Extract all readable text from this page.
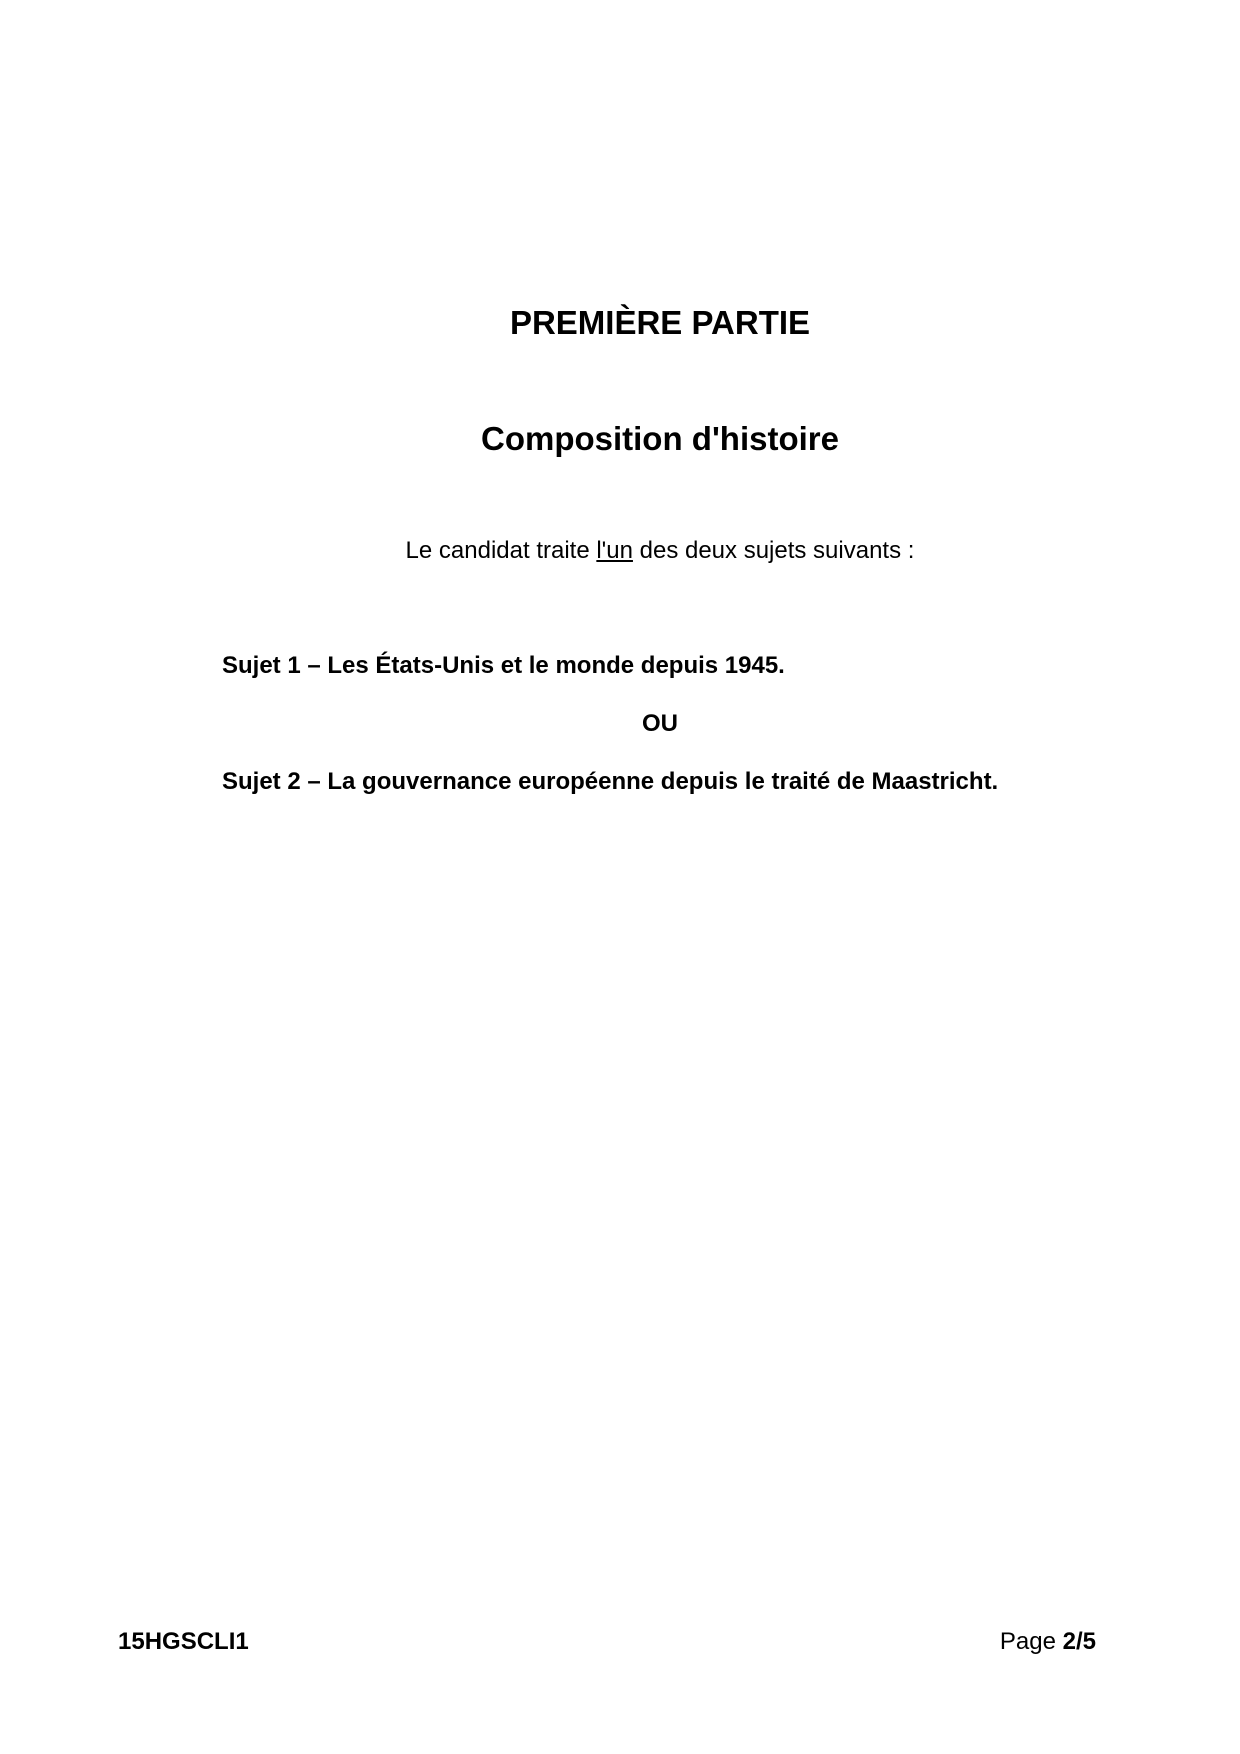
PREMIÈRE PARTIE
Composition d'histoire

Le candidat traite l'un des deux sujets suivants :

Sujet 1 – Les États-Unis et le monde depuis 1945.

OU

Sujet 2 – La gouvernance européenne depuis le traité de Maastricht.

15HGSCLI1	Page 2/5
